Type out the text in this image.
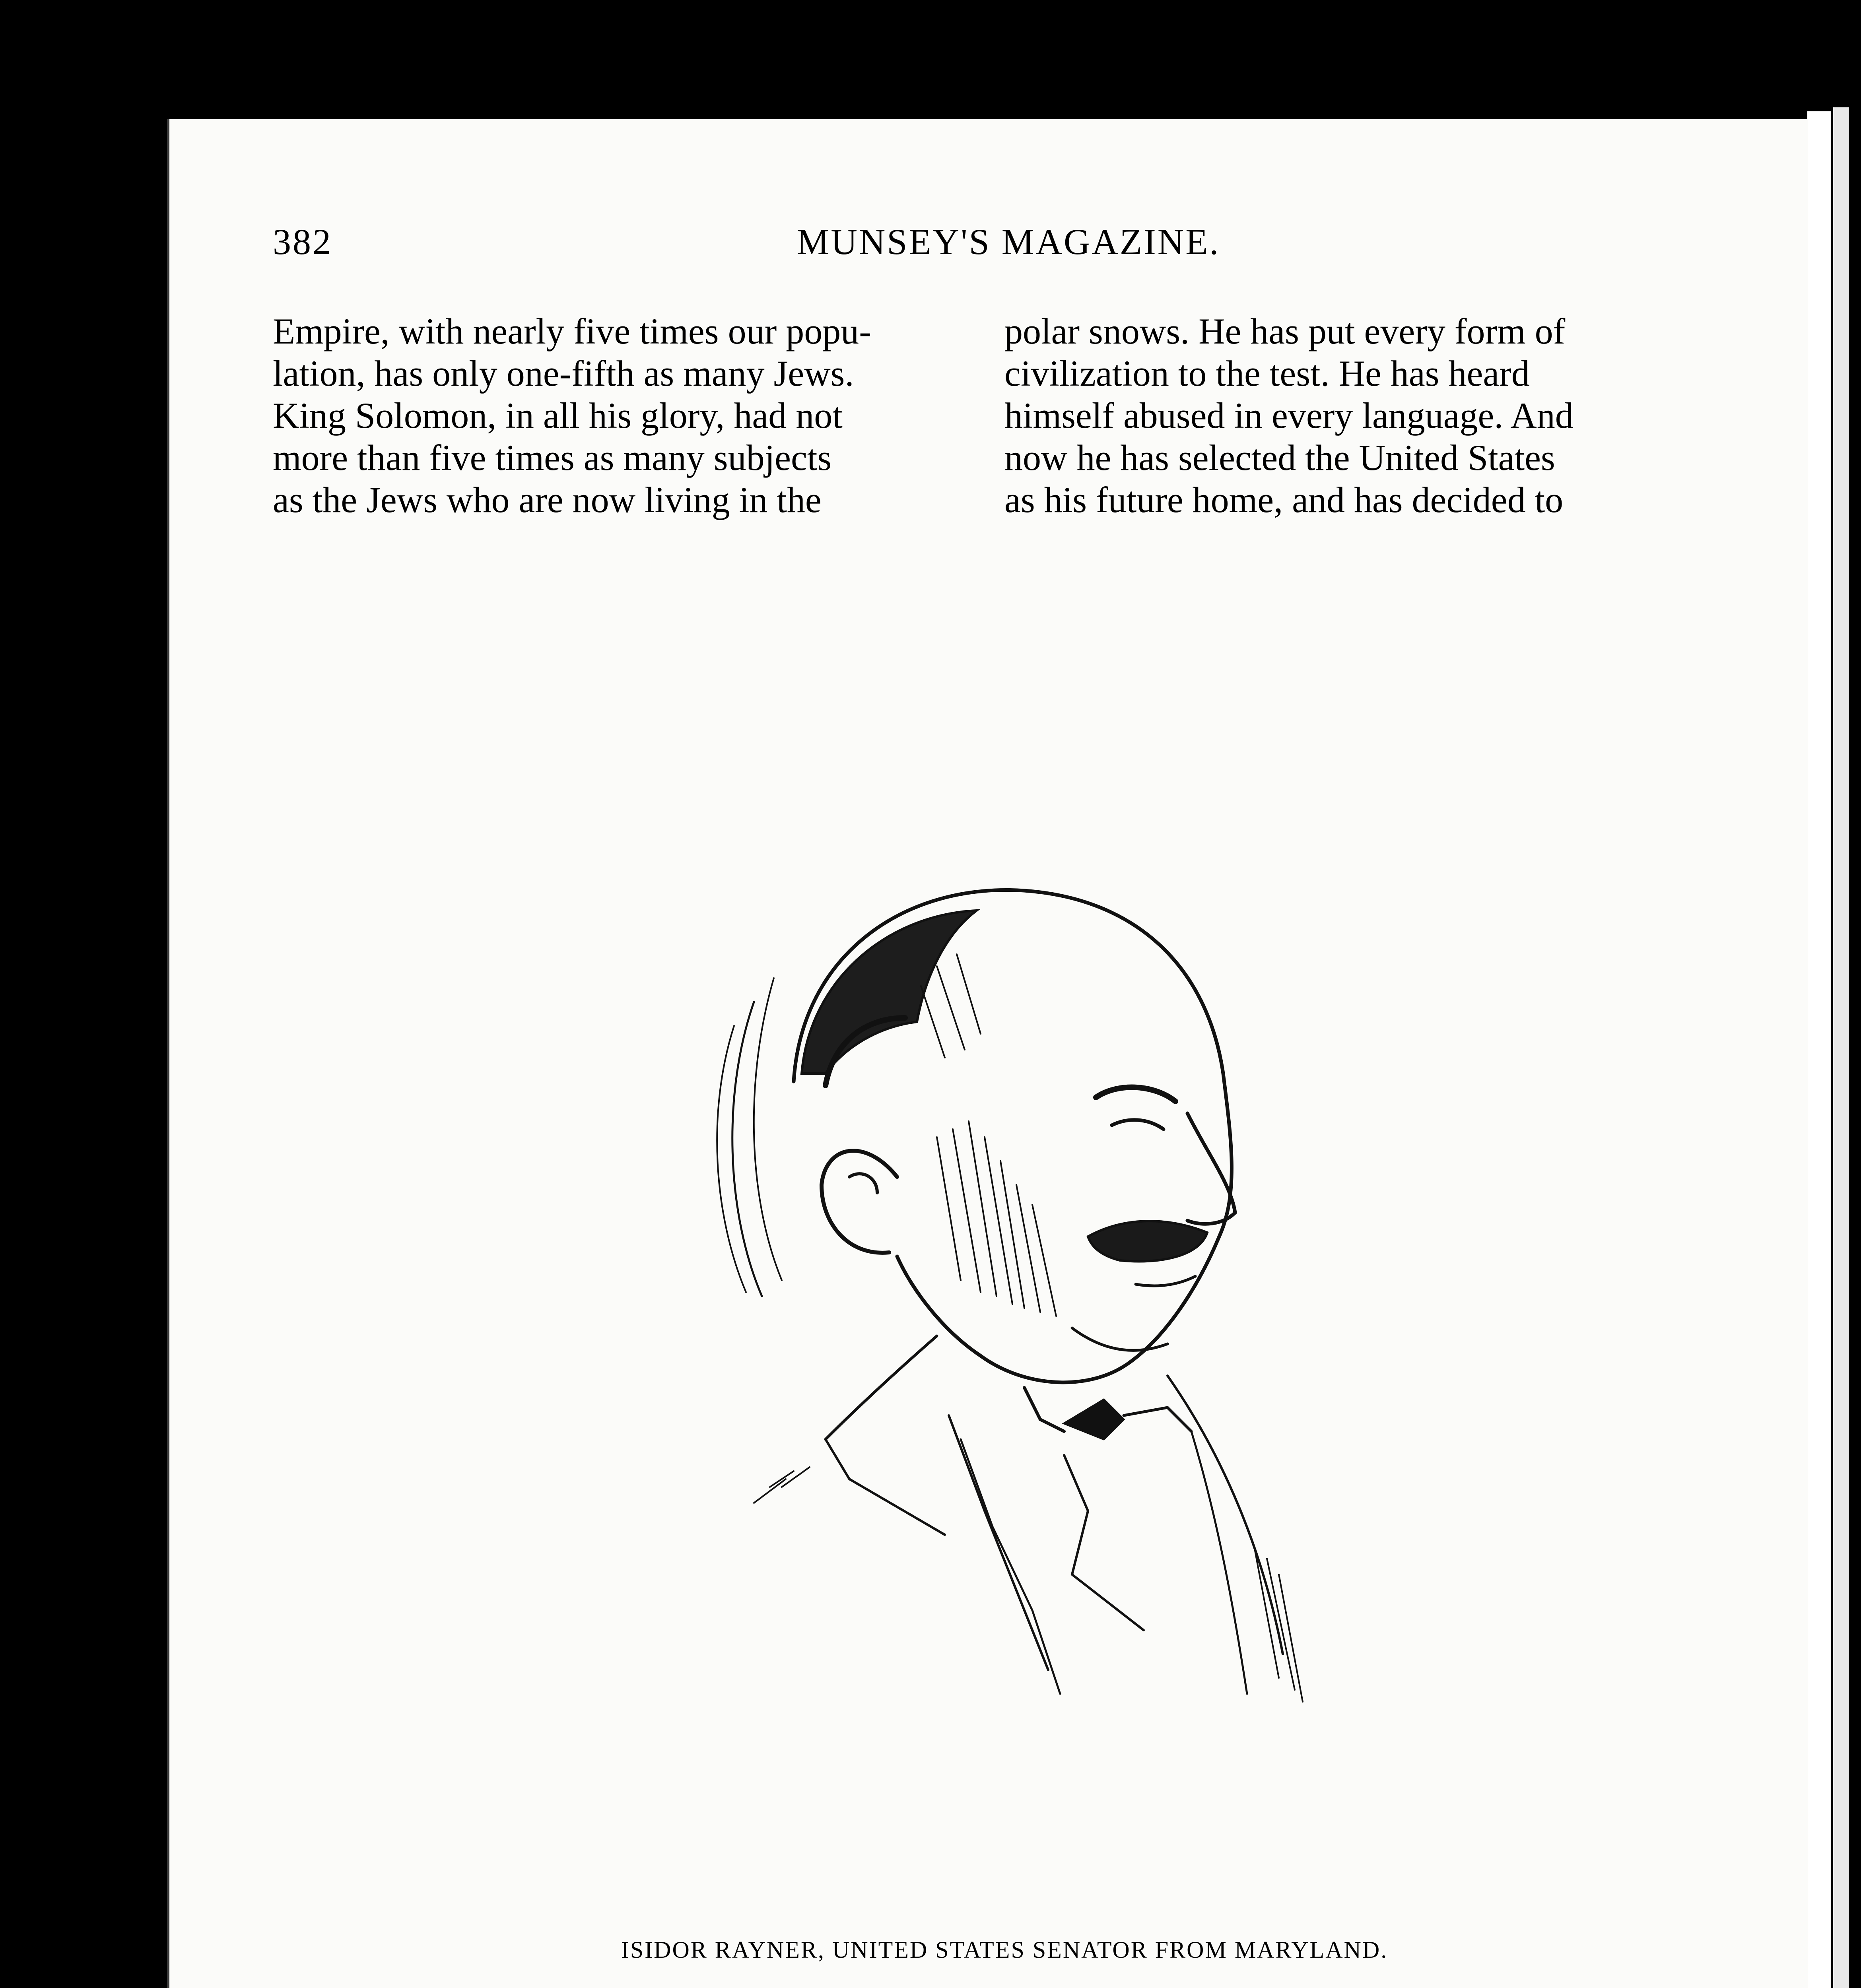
382	MUNSEY'S MAGAZINE.

Empire, with nearly five times our popu-

lation, has only one-fifth as many Jews.

King Solomon, in all his glory, had not

more than five times as many subjects

as the Jews who are now living in the

polar snows. He has put every form of

civilization to the test. He has heard

himself abused in every language. And

now he has selected the United States

as his future home, and has decided to

ISIDOR RAYNER, UNITED STATES SENATOR FROM MARYLAND.
